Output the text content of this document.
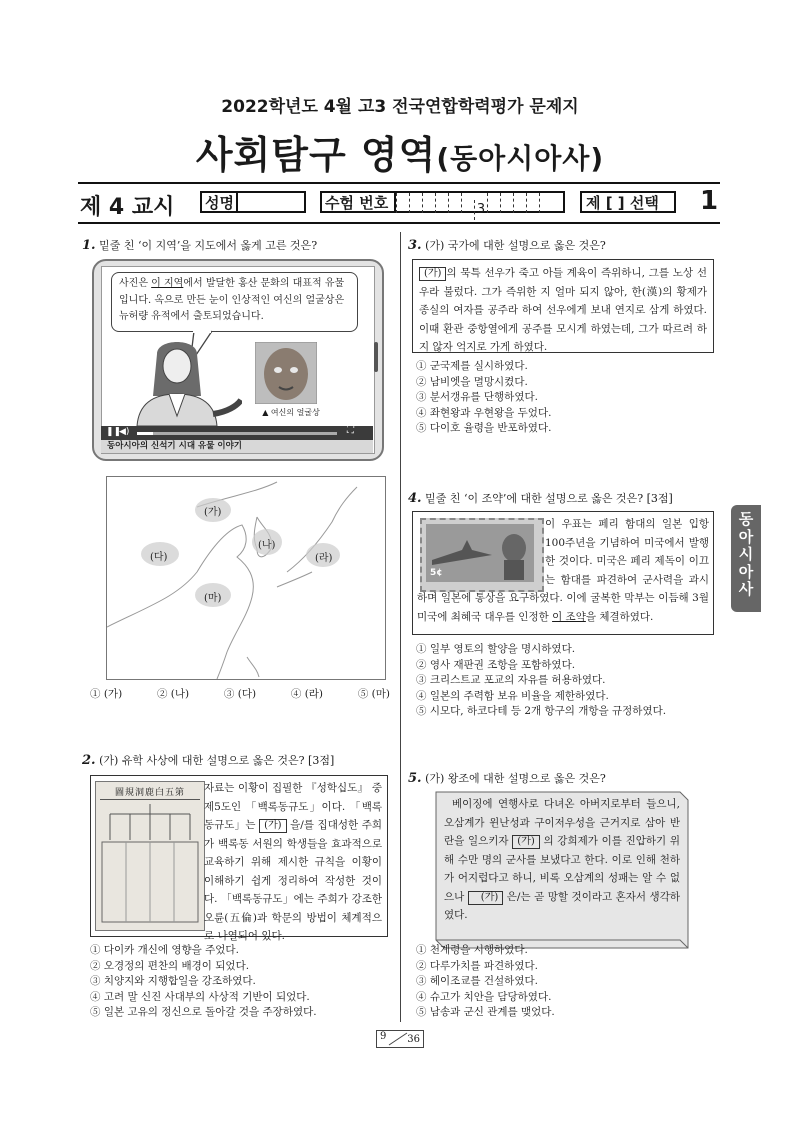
2022학년도 4월 고3 전국연합학력평가 문제지
사회탐구 영역(동아시아사)
제 4 교시 성명	수험 번호	3	제 [ ] 선택 1
동
아
시
아
사
1. 밑줄 친 ‘이 지역’을 지도에서 옳게 고른 것은?
사진은 이 지역에서 발달한 홍산 문화의 대표적 유물입니다. 옥으로 만든 눈이 인상적인 여신의 얼굴상은 뉴허량 유적에서 출토되었습니다.
▲ 여신의 얼굴상
❚❚
◀)	⛶
동아시아의 신석기 시대 유물 이야기
(가)
(나)
(다)	(라)
(마)
① (가)	② (나)	③ (다)	④ (라)	⑤ (마)
2. (가) 유학 사상에 대한 설명으로 옳은 것은? [3점]
圖規洞鹿白五第	자료는 이황이 집필한 『성학십도』 중 제5도인 「백록동규도」이다. 「백록동규도」는 (가) 을/를 집대성한 주희가 백록동 서원의 학생들을 효과적으로 교육하기 위해 제시한 규칙을 이황이 이해하기 쉽게 정리하여 작성한 것이다. 「백록동규도」에는 주희가 강조한 오륜(五倫)과 학문의 방법이 체계적으로 나열되어 있다.
① 다이카 개신에 영향을 주었다.
② 오경정의 편찬의 배경이 되었다.
③ 치양지와 지행합일을 강조하였다.
④ 고려 말 신진 사대부의 사상적 기반이 되었다.
⑤ 일본 고유의 정신으로 돌아갈 것을 주장하였다.
3. (가) 국가에 대한 설명으로 옳은 것은?
(가) 의 묵특 선우가 죽고 아들 계육이 즉위하니, 그를 노상 선우라 불렀다. 그가 즉위한 지 얼마 되지 않아, 한(漢)의 황제가 종실의 여자를 공주라 하여 선우에게 보내 연지로 삼게 하였다. 이때 환관 중항열에게 공주를 모시게 하였는데, 그가 따르려 하지 않자 억지로 가게 하였다.
① 군국제를 실시하였다.
② 남비엣을 멸망시켰다.
③ 분서갱유를 단행하였다.
④ 좌현왕과 우현왕을 두었다.
⑤ 다이호 율령을 반포하였다.
4. 밑줄 친 ‘이 조약’에 대한 설명으로 옳은 것은? [3점]
5¢
이 우표는 페리 함대의 일본 입항 100주년을 기념하여 미국에서 발행한 것이다. 미국은 페리 제독이 이끄는 함대를 파견하여 군사력을 과시하며 일본에 통상을 요구하였다. 이에 굴복한 막부는 이듬해 3월 미국에 최혜국 대우를 인정한 이 조약을 체결하였다.
① 일부 영토의 할양을 명시하였다.
② 영사 재판권 조항을 포함하였다.
③ 크리스트교 포교의 자유를 허용하였다.
④ 일본의 주력함 보유 비율을 제한하였다.
⑤ 시모다, 하코다테 등 2개 항구의 개항을 규정하였다.
5. (가) 왕조에 대한 설명으로 옳은 것은?
베이징에 연행사로 다녀온 아버지로부터 들으니, 오삼계가 윈난성과 구이저우성을 근거지로 삼아 반란을 일으키자 (가) 의 강희제가 이를 진압하기 위해 수만 명의 군사를 보냈다고 한다. 이로 인해 천하가 어지럽다고 하니, 비록 오삼계의 성패는 알 수 없으나 (가) 은/는 곧 망할 것이라고 혼자서 생각하였다.
① 천계령을 시행하였다.
② 다루가치를 파견하였다.
③ 헤이조쿄를 건설하였다.
④ 슈고가 치안을 담당하였다.
⑤ 남송과 군신 관계를 맺었다.
9 36
